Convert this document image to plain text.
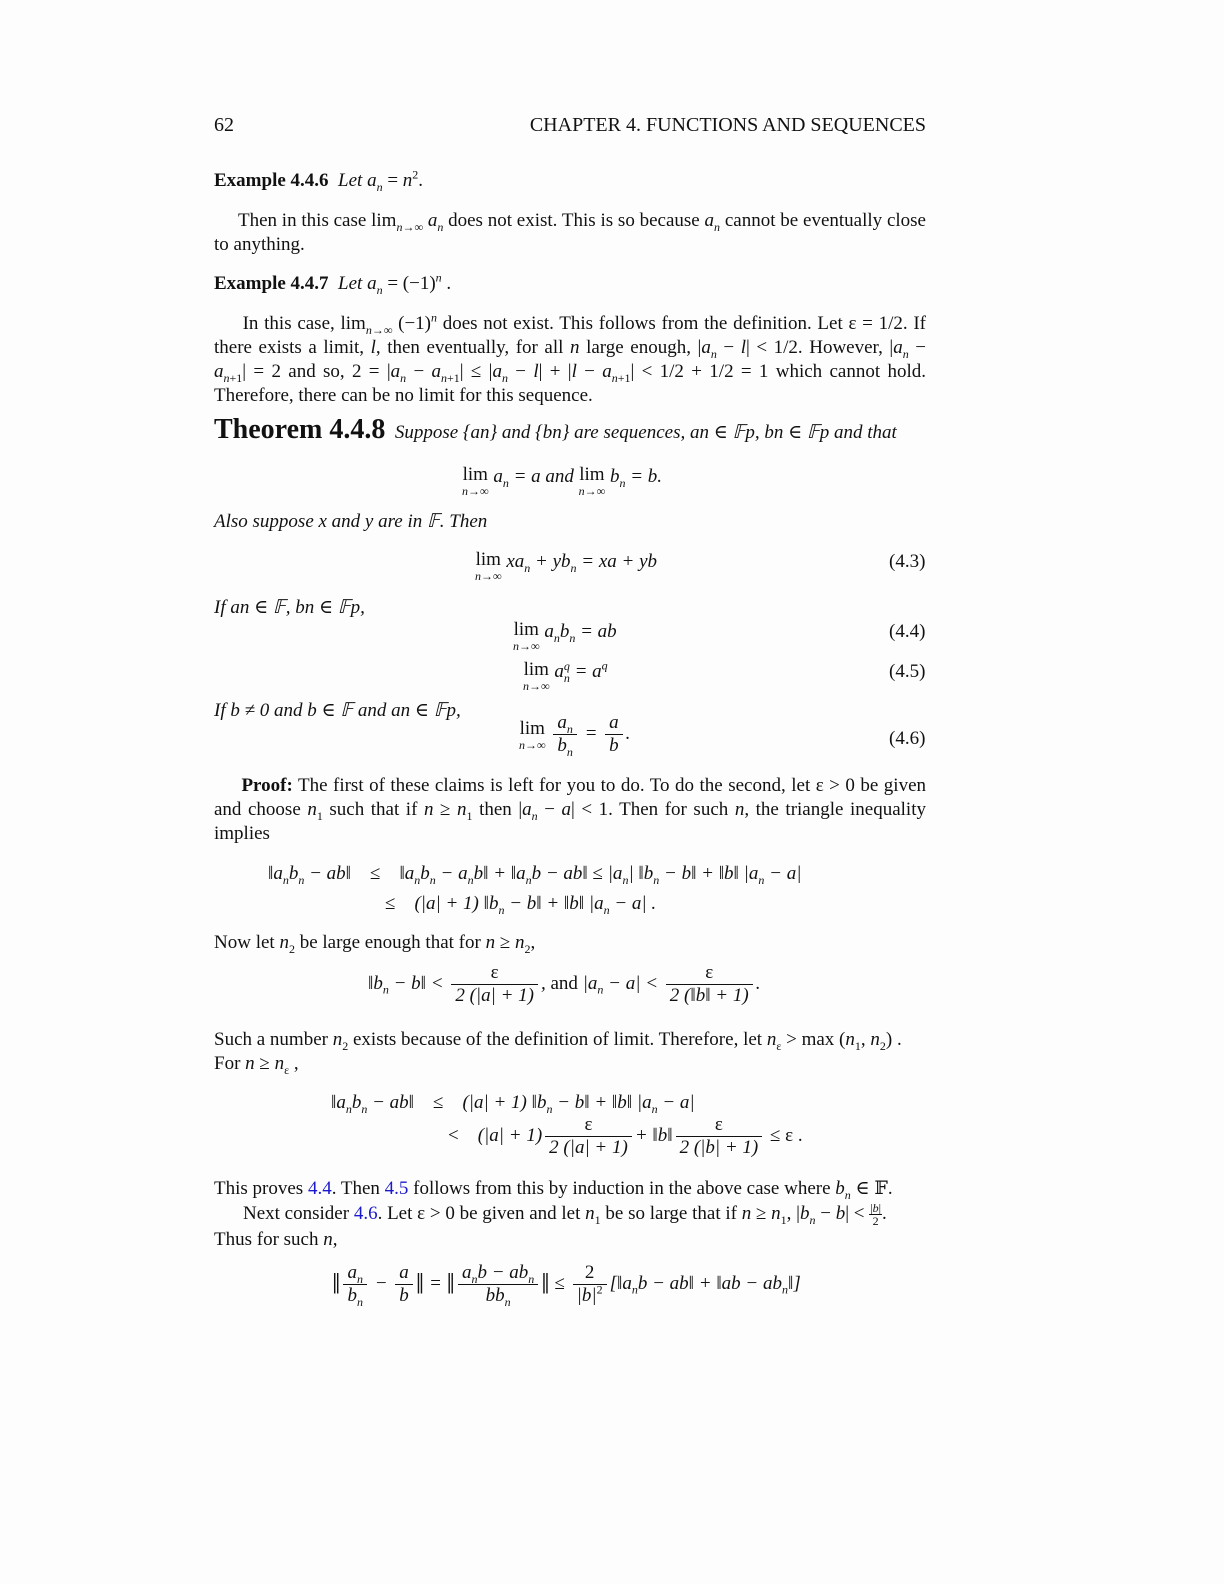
62	CHAPTER 4. FUNCTIONS AND SEQUENCES
Example 4.4.6 Let $a_n = n^2$.
Then in this case $\lim_{n\to\infty} a_n$ does not exist. This is so because $a_n$ cannot be eventually close to anything.
Example 4.4.7 Let $a_n = (-1)^n$ .
In this case, $\lim_{n\to\infty} (-1)^n$ does not exist. This follows from the definition. Let ε = 1/2. If there exists a limit, l, then eventually, for all n large enough, $|a_n - l| < 1/2$. However, $|a_n - a_{n+1}| = 2$ and so, $2 = |a_n - a_{n+1}| \le |a_n - l| + |l - a_{n+1}| < 1/2 + 1/2 = 1$ which cannot hold. Therefore, there can be no limit for this sequence.
Theorem 4.4.8 Suppose {an} and {bn} are sequences, an ∈ 𝔽p, bn ∈ 𝔽p and that
lim
n→∞
$a_n = a$ and lim
n→∞
$b_n = b$.
Also suppose x and y are in 𝔽. Then
lim
n→∞
$xa_n + yb_n$ = xa + yb	(4.3)
If an ∈ 𝔽, bn ∈ 𝔽p,
lim
n→∞
$a_nb_n$ = ab	(4.4)
lim
n→∞
$a_n^q = a^q$	(4.5)
If b ≠ 0 and b ∈ 𝔽 and an ∈ 𝔽p,
lim
n→∞
$\frac{a_n}{b_n} = \frac{a}{b}$ .	(4.6)
Proof: The first of these claims is left for you to do. To do the second, let ε > 0 be given and choose $n_1$ such that if $n \ge n_1$ then $|a_n - a| < 1$. Then for such n, the triangle inequality implies
$‖a_nb_n$ − ab‖    ≤    $‖a_nb_n$ − $a_nb‖$ + $‖a_nb$ − ab‖ ≤ $|a_n|$ $‖b_n$ − b‖ + ‖b‖ $|a_n - a|$
≤    (|a| + 1) $‖b_n$ − b‖ + ‖b‖ $|a_n - a|$ .
Now let $n_2$ be large enough that for $n \ge n_2$,
$‖b_n$ − b‖ < $\frac{\varepsilon}{2 (|a| + 1)}$ , and $|a_n - a| < \frac{\varepsilon}{2 (‖b‖ + 1)}$ .
Such a number $n_2$ exists because of the definition of limit. Therefore, let $n_\varepsilon > \max (n_1$, $n_2$) .
For $n \ge n_\varepsilon$ ,
$‖a_nb_n$ − ab‖    ≤    (|a| + 1) $‖b_n$ − b‖ + ‖b‖ $|a_n - a|$
<    $(|a| + 1) \frac{\varepsilon}{2 (|a| + 1)}$ + ‖b‖ $\frac{\varepsilon}{2 (|b| + 1)} \le \varepsilon$ .
This proves 4.4. Then 4.5 follows from this by induction in the above case where $b_n$ ∈ 𝔽.
Next consider 4.6. Let ε > 0 be given and let $n_1$ be so large that if $n \ge n_1$, $|b_n - b| < \frac{|b|}{2}$.
Thus for such n,
‖ $\frac{a_n}{b_n} - \frac{a}{b}$ ‖ = ‖ $\frac{a_nb - ab_n}{bb_n}$ ‖ ≤ $\frac{2}{|b|^2}$ [$‖a_nb$ − ab‖ + ‖ab − $ab_n‖$]
